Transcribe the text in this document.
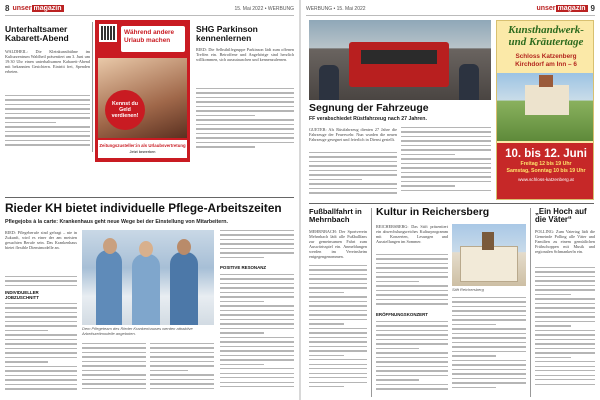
8 unser magazin	15. Mai 2022 • WERBUNG
Unterhaltsamer Kabarett-Abend
WALDHEIL: Die Kleinkunstbühne im Kulturzentrum Waldheil präsentiert am 3. Juni um 19:30 Uhr einen unterhaltsamen Kabarett-Abend mit bekannten Gesichtern. Eintritt frei, Spenden erbeten.
Während andere
Urlaub machen
Kennst du
Geld verdienen!
Zeitungszusteller:in als Urlaubsvertretung
Jetzt bewerben
SHG Parkinson kennenlernen
RIED: Die Selbsthilfegruppe Parkinson lädt zum offenen Treffen ein. Betroffene und Angehörige sind herzlich willkommen, sich auszutauschen und kennenzulernen.
Rieder KH bietet individuelle Pflege-Arbeitszeiten
Pflegejobs à la carte: Krankenhaus geht neue Wege bei der Einstellung von Mitarbeitern.
RIED: Pflegeberufe sind gefragt – nie in Zukunft, wird es einer der am meisten gesuchten Berufe sein. Das Krankenhaus bietet flexible Dienstmodelle an.
INDIVIDUELLER
JOBZUSCHNITT
Dem Pflegeteam des Rieder Krankenhauses werden attraktive Arbeitszeitmodelle angeboten.
POSITIVE RESONANZ
WERBUNG • 15. Mai 2022	unser magazin 9
Segnung der Fahrzeuge
FF verabschiedet Rüstfahrzeug nach 27 Jahren.
GUETER: Als Rüstfahrzeug dienten 27 Jahre die Fahrzeuge der Feuerwehr. Nun wurden die neuen Fahrzeuge gesegnet und feierlich in Dienst gestellt.
Kunsthandwerk-
und Kräutertage
Schloss Katzenberg
Kirchdorf am Inn – 6
10. bis 12. Juni
Freitag 12 bis 19 Uhr
Samstag, Sonntag 10 bis 19 Uhr
www.schloss-katzenberg.at
Fußballfahrt in Mehrnbach
MEHRNBACH: Der Sportverein Mehrnbach lädt alle Fußballfans zur gemeinsamen Fahrt zum Auswärtsspiel ein. Anmeldungen werden im Vereinsheim entgegengenommen.
Kultur in Reichersberg
REICHERSBERG: Das Stift präsentiert ein abwechslungsreiches Kulturprogramm mit Konzerten, Lesungen und Ausstellungen im Sommer.
ERÖFFNUNGSKONZERT
Stift Reichersberg
„Ein Hoch auf die Väter“
POLLING: Zum Vatertag lädt die Gemeinde Polling alle Väter und Familien zu einem gemütlichen Frühschoppen mit Musik und regionalen Schmankerln ein.
